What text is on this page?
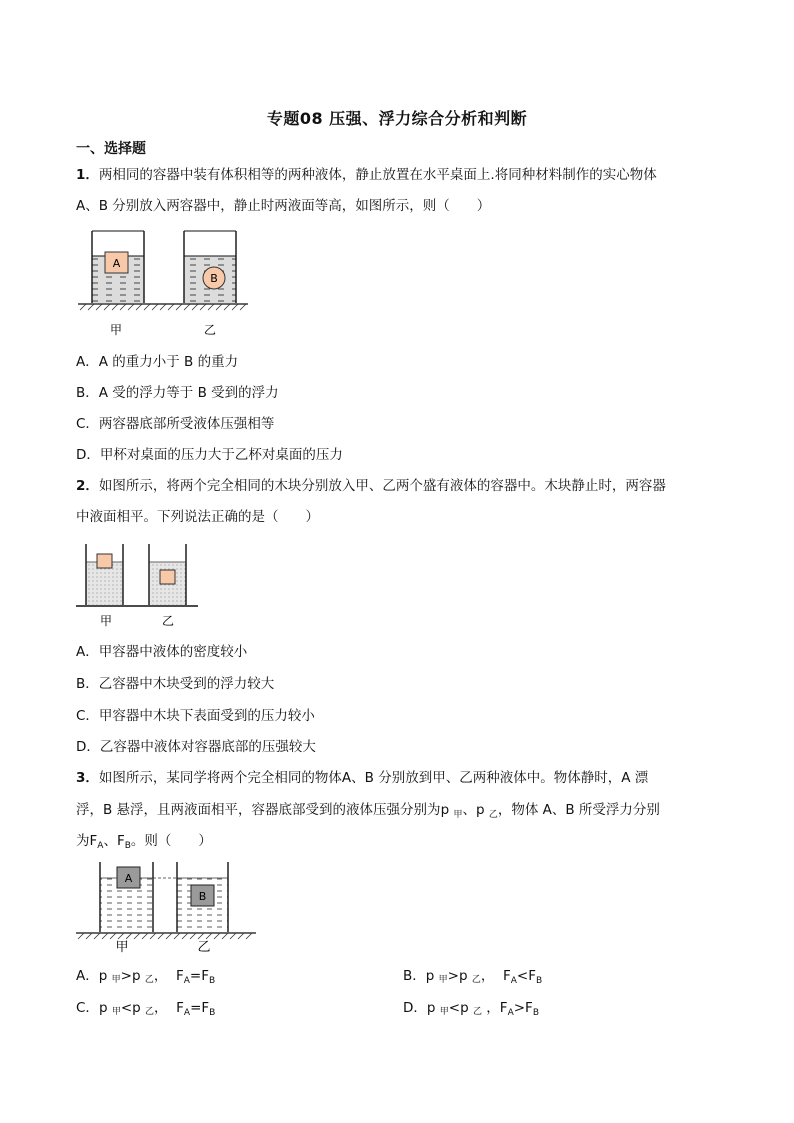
专题08 压强、浮力综合分析和判断
一、选择题
1．两相同的容器中装有体积相等的两种液体，静止放置在水平桌面上.将同种材料制作的实心物体
A、B 分别放入两容器中，静止时两液面等高，如图所示，则（　　）
A
B
甲	乙
A．A 的重力小于 B 的重力
B．A 受的浮力等于 B 受到的浮力
C．两容器底部所受液体压强相等
D．甲杯对桌面的压力大于乙杯对桌面的压力
2．如图所示，将两个完全相同的木块分别放入甲、乙两个盛有液体的容器中。木块静止时，两容器
中液面相平。下列说法正确的是（　　）
甲	乙
A．甲容器中液体的密度较小
B．乙容器中木块受到的浮力较大
C．甲容器中木块下表面受到的压力较小
D．乙容器中液体对容器底部的压强较大
3．如图所示，某同学将两个完全相同的物体A、B 分别放到甲、乙两种液体中。物体静时，A 漂
浮，B 悬浮，且两液面相平，容器底部受到的液体压强分别为p $_甲$、p $_乙$，物体 A、B 所受浮力分别
为$F_A$、$F_B$。则（　　）
A
B
甲	乙
A．p 甲>p 乙，  $F_A=F_B$	B．p 甲>p 乙，  $F_A<F_B$
C．p 甲<p 乙，  $F_A=F_B$	D．p 甲<p 乙 ，$F_A>F_B$
